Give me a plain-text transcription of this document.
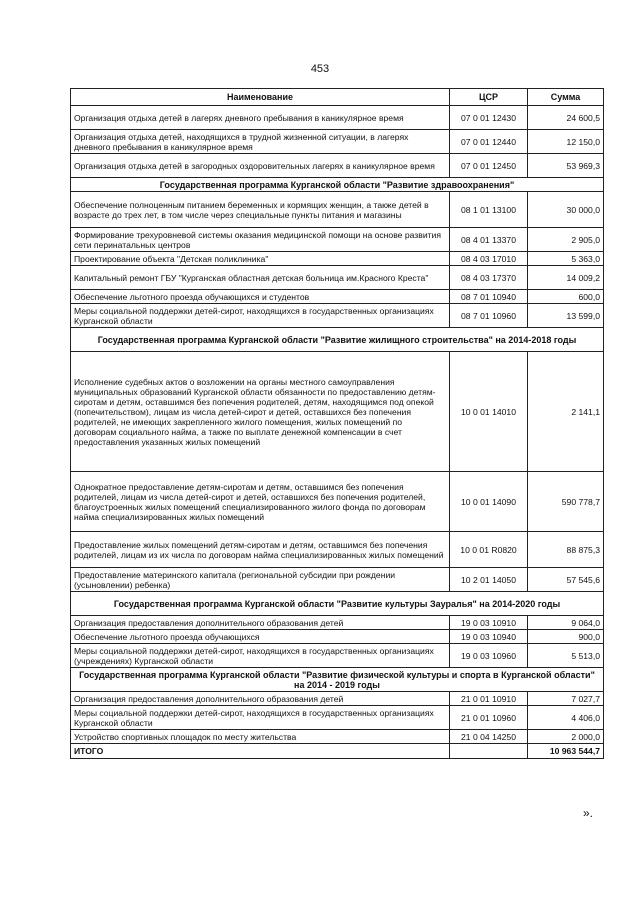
453
Наименование	ЦСР	Сумма
Организация отдыха детей в лагерях дневного пребывания в каникулярное время	07 0 01 12430	24 600,5
Организация отдыха детей, находящихся в трудной жизненной ситуации, в лагерях дневного пребывания в каникулярное время	07 0 01 12440	12 150,0
Организация отдыха детей в загородных оздоровительных лагерях в каникулярное время	07 0 01 12450	53 969,3
Государственная программа Курганской области "Развитие здравоохранения"		
Обеспечение полноценным питанием беременных и кормящих женщин, а также детей в возрасте до трех лет, в том числе через специальные пункты питания и магазины	08 1 01 13100	30 000,0
Формирование трехуровневой системы оказания медицинской помощи на основе развития сети перинатальных центров	08 4 01 13370	2 905,0
Проектирование объекта "Детская поликлиника"	08 4 03 17010	5 363,0
Капитальный ремонт ГБУ "Курганская областная детская больница им.Красного Креста"	08 4 03 17370	14 009,2
Обеспечение льготного проезда обучающихся и студентов	08 7 01 10940	600,0
Меры социальной поддержки детей-сирот, находящихся в государственных организациях Курганской области	08 7 01 10960	13 599,0
Государственная программа Курганской области "Развитие жилищного строительства" на 2014-2018 годы		
Исполнение судебных актов о возложении на органы местного самоуправления муниципальных образований Курганской области обязанности по предоставлению детям-сиротам и детям, оставшимся без попечения родителей, детям, находящимся под опекой (попечительством), лицам из числа детей-сирот и детей, оставшихся без попечения родителей, не имеющих закрепленного жилого помещения, жилых помещений по договорам социального найма, а также по выплате денежной компенсации в счет предоставления указанных жилых помещений	10 0 01 14010	2 141,1
Однократное предоставление детям-сиротам и детям, оставшимся без попечения родителей, лицам из числа детей-сирот и детей, оставшихся без попечения родителей, благоустроенных жилых помещений специализированного жилого фонда по договорам найма специализированных жилых помещений	10 0 01 14090	590 778,7
Предоставление жилых помещений детям-сиротам и детям, оставшимся без попечения родителей, лицам из их числа по договорам найма специализированных жилых помещений	10 0 01 R0820	88 875,3
Предоставление материнского капитала (региональной субсидии при рождении (усыновлении) ребенка)	10 2 01 14050	57 545,6
Государственная программа Курганской области "Развитие культуры Зауралья" на 2014-2020 годы		
Организация предоставления дополнительного образования детей	19 0 03 10910	9 064,0
Обеспечение льготного проезда обучающихся	19 0 03 10940	900,0
Меры социальной поддержки детей-сирот, находящихся в государственных организациях (учреждениях) Курганской области	19 0 03 10960	5 513,0
Государственная программа Курганской области "Развитие физической культуры и спорта в Курганской области" на 2014 - 2019 годы		
Организация предоставления дополнительного образования детей	21 0 01 10910	7 027,7
Меры социальной поддержки детей-сирот, находящихся в государственных организациях Курганской области	21 0 01 10960	4 406,0
Устройство спортивных площадок по месту жительства	21 0 04 14250	2 000,0
ИТОГО		10 963 544,7
».
